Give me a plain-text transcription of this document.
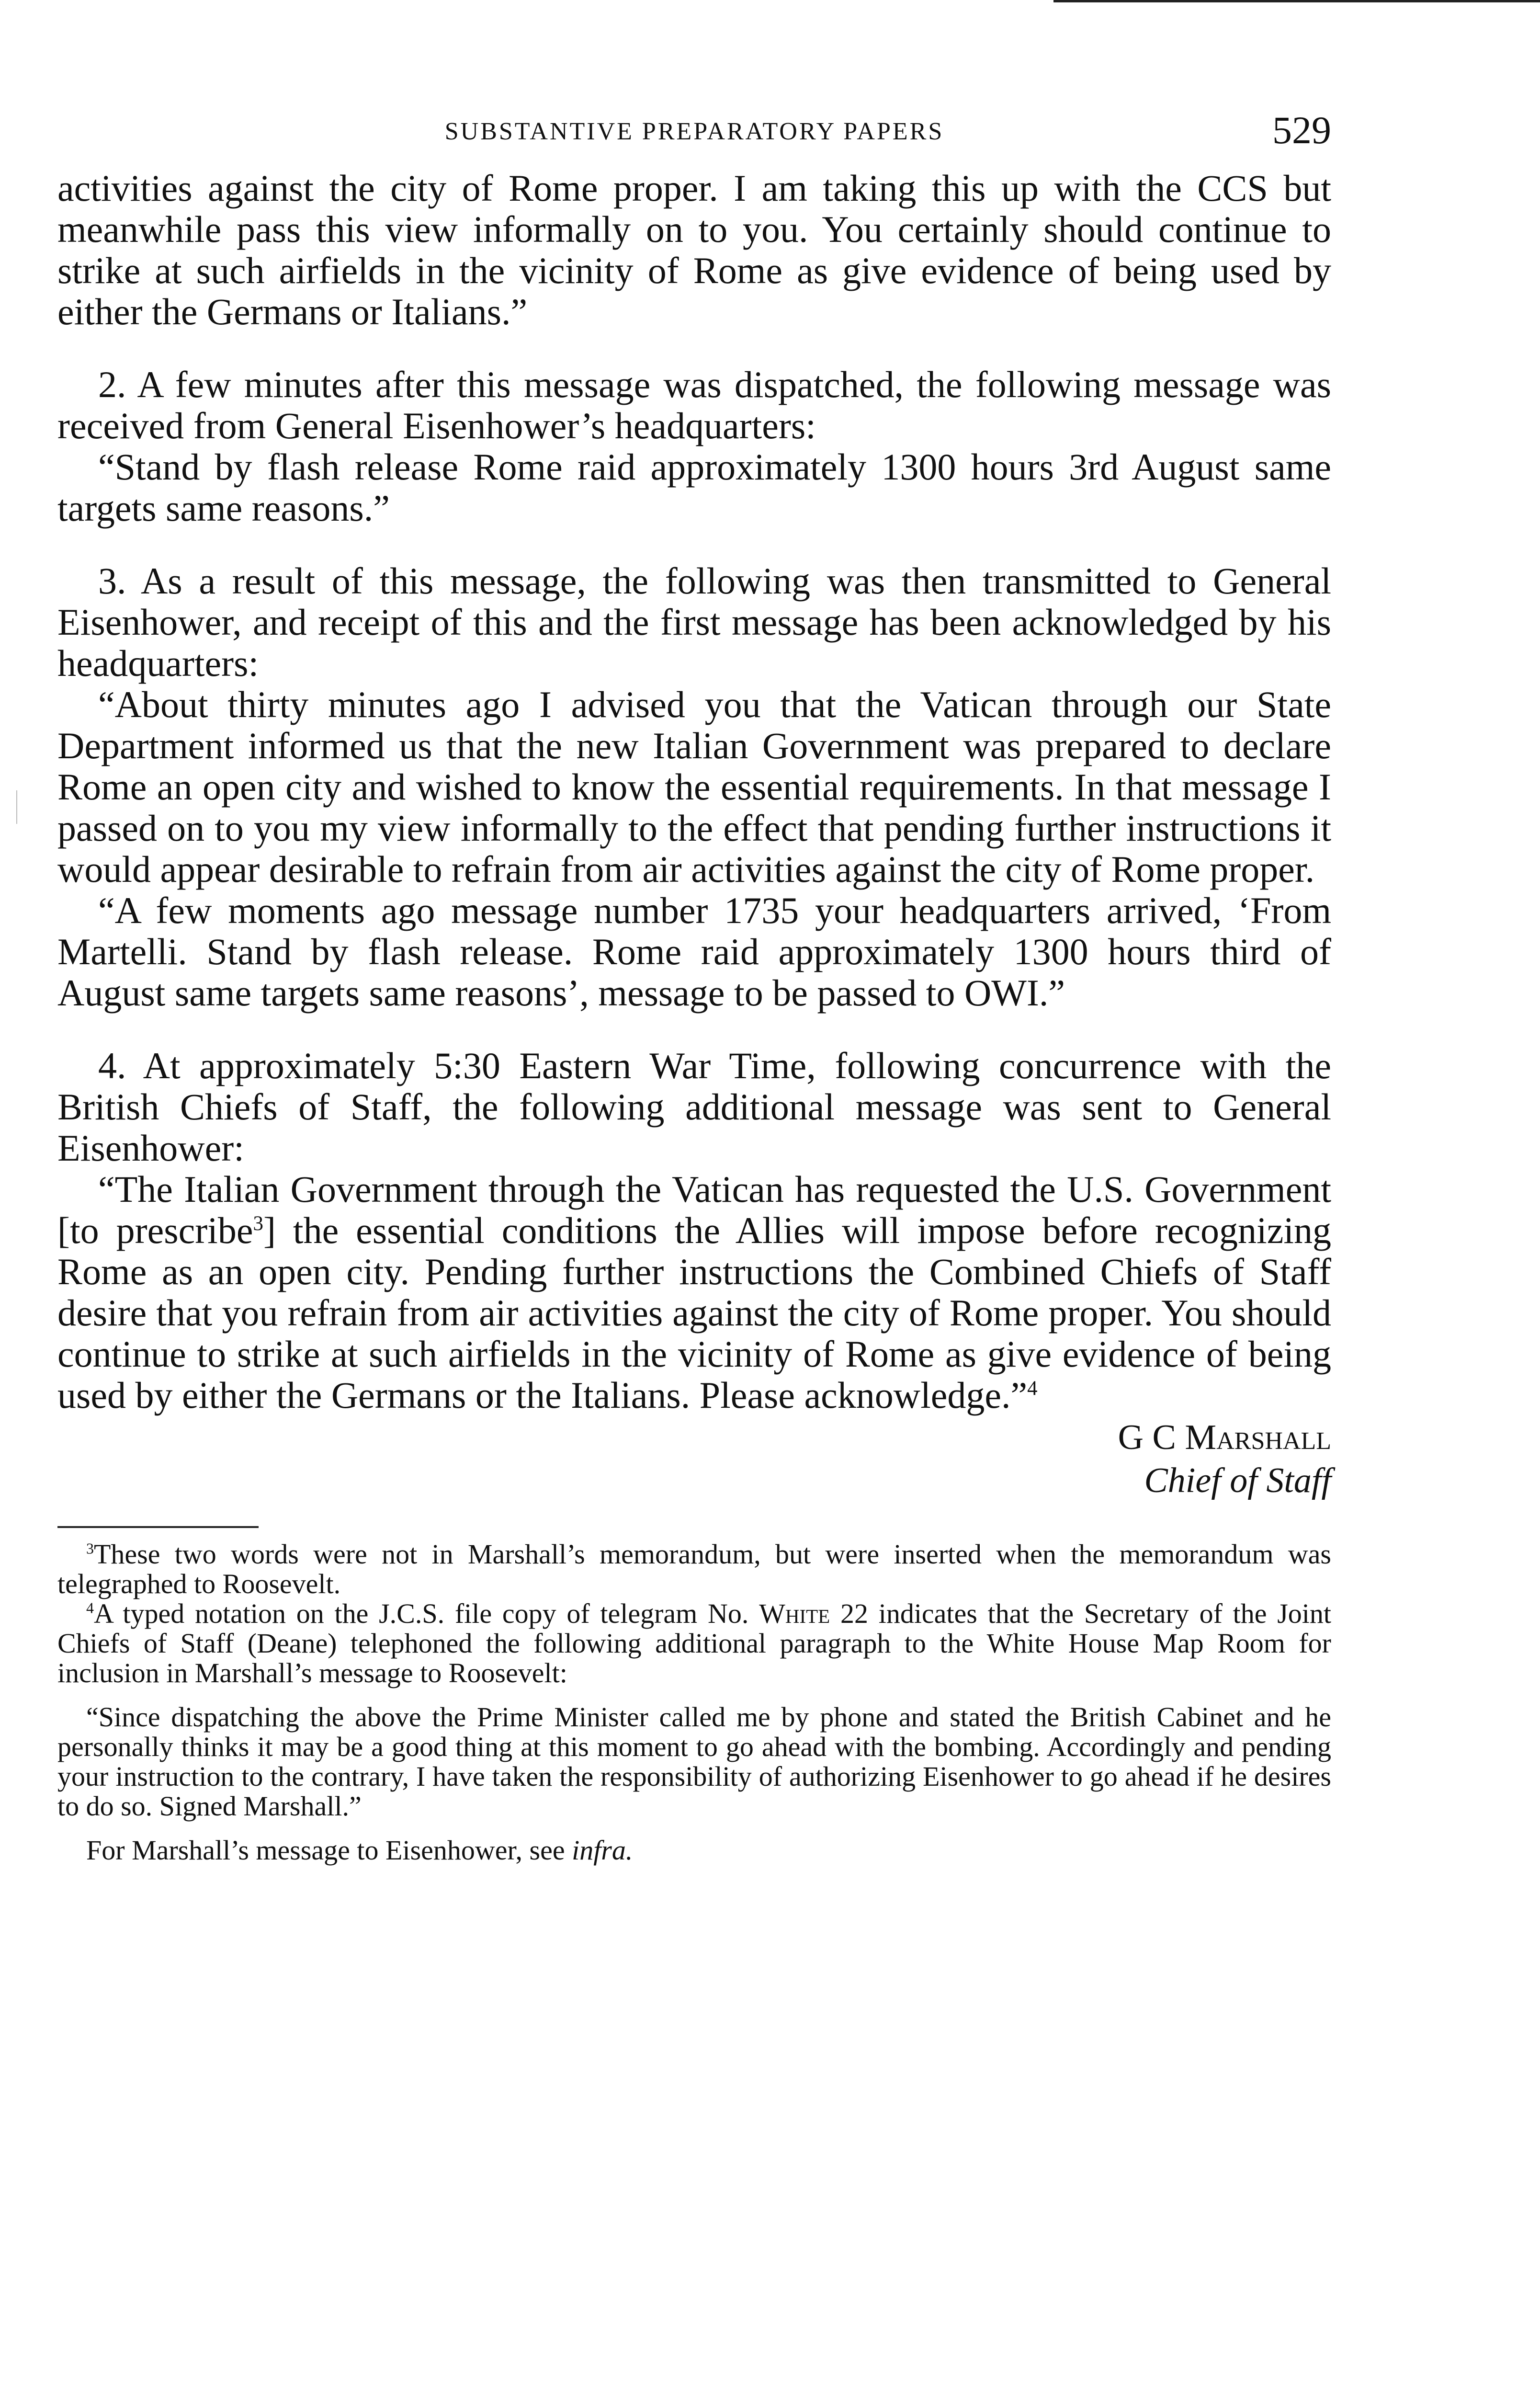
SUBSTANTIVE PREPARATORY PAPERS	529

activities against the city of Rome proper. I am taking this up with the CCS but meanwhile pass this view informally on to you. You certainly should continue to strike at such airfields in the vicinity of Rome as give evidence of being used by either the Germans or Italians.”

2. A few minutes after this message was dispatched, the following message was received from General Eisenhower’s headquarters:

“Stand by flash release Rome raid approximately 1300 hours 3rd August same targets same reasons.”

3. As a result of this message, the following was then transmitted to General Eisenhower, and receipt of this and the first message has been acknowledged by his headquarters:

“About thirty minutes ago I advised you that the Vatican through our State Department informed us that the new Italian Government was prepared to declare Rome an open city and wished to know the essential requirements. In that message I passed on to you my view informally to the effect that pending further instructions it would appear desirable to refrain from air activities against the city of Rome proper.

“A few moments ago message number 1735 your headquarters arrived, ‘From Martelli. Stand by flash release. Rome raid approximately 1300 hours third of August same targets same reasons’, message to be passed to OWI.”

4. At approximately 5:30 Eastern War Time, following concurrence with the British Chiefs of Staff, the following additional message was sent to General Eisenhower:

“The Italian Government through the Vatican has requested the U.S. Government [to prescribe$^3$] the essential conditions the Allies will impose before recognizing Rome as an open city. Pending further instructions the Combined Chiefs of Staff desire that you refrain from air activities against the city of Rome proper. You should continue to strike at such airfields in the vicinity of Rome as give evidence of being used by either the Germans or the Italians. Please acknowledge.”$^4$

G C Marshall
Chief of Staff

$^3$These two words were not in Marshall’s memorandum, but were inserted when the memorandum was telegraphed to Roosevelt.

$^4$A typed notation on the J.C.S. file copy of telegram No. White 22 indicates that the Secretary of the Joint Chiefs of Staff (Deane) telephoned the following additional paragraph to the White House Map Room for inclusion in Marshall’s message to Roosevelt:

“Since dispatching the above the Prime Minister called me by phone and stated the British Cabinet and he personally thinks it may be a good thing at this moment to go ahead with the bombing. Accordingly and pending your instruction to the contrary, I have taken the responsibility of authorizing Eisenhower to go ahead if he desires to do so. Signed Marshall.”

For Marshall’s message to Eisenhower, see infra.
